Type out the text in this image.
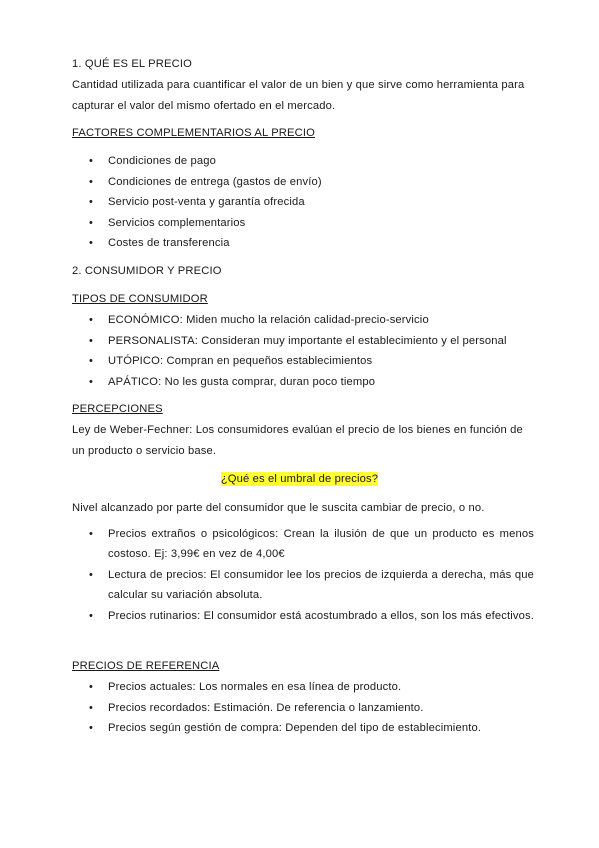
1. QUÉ ES EL PRECIO

Cantidad utilizada para cuantificar el valor de un bien y que sirve como herramienta para capturar el valor del mismo ofertado en el mercado.

FACTORES COMPLEMENTARIOS AL PRECIO

• Condiciones de pago
• Condiciones de entrega (gastos de envío)
• Servicio post-venta y garantía ofrecida
• Servicios complementarios
• Costes de transferencia

2. CONSUMIDOR Y PRECIO

TIPOS DE CONSUMIDOR

• ECONÓMICO: Miden mucho la relación calidad-precio-servicio
• PERSONALISTA: Consideran muy importante el establecimiento y el personal
• UTÓPICO: Compran en pequeños establecimientos
• APÁTICO: No les gusta comprar, duran poco tiempo

PERCEPCIONES

Ley de Weber-Fechner: Los consumidores evalúan el precio de los bienes en función de un producto o servicio base.

¿Qué es el umbral de precios?

Nivel alcanzado por parte del consumidor que le suscita cambiar de precio, o no.

• Precios extraños o psicológicos: Crean la ilusión de que un producto es menos costoso. Ej: 3,99€ en vez de 4,00€
• Lectura de precios: El consumidor lee los precios de izquierda a derecha, más que calcular su variación absoluta.
• Precios rutinarios: El consumidor está acostumbrado a ellos, son los más efectivos.

PRECIOS DE REFERENCIA

• Precios actuales: Los normales en esa línea de producto.
• Precios recordados: Estimación. De referencia o lanzamiento.
• Precios según gestión de compra: Dependen del tipo de establecimiento.
